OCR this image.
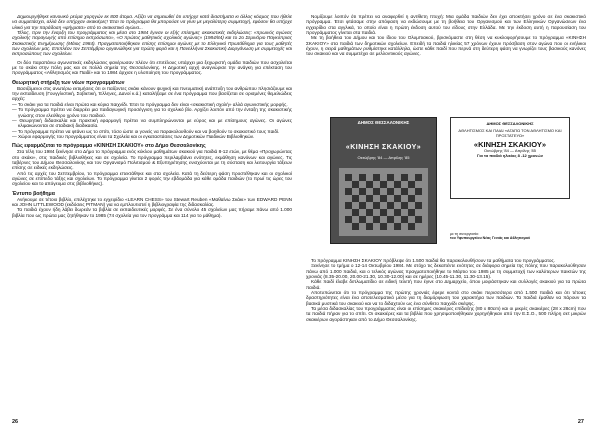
Δημιουργήθηκε κανονικό ρεύμα χορηγών εκ 800 άτομα. Αξίζει να σημειωθεί ότι υπήρχε κατά διαστήματα κι άλλος κόσμος που ήθελε να συμμετάσχει, αλλά δεν υπήρχαν σκακιέρες! Έτσι το πρόγραμμα θα μπορούσε να γίνει με μεγαλύτερη συμμετοχή, εφόσον θα υπήρχε υλικό για την παράδοση «ψήγματα» από το σκακιστικό αγώνα...

Τέλος, πριν την έναρξη του προγράμματος και μέσα στο 1984 έγιναν οι εξής επίσημες σκακιστικές εκδηλώσεις: «πρωινός αγώνας σχολικής παραγωγής από επίσημο εκπρόσωπο», «Ο πρώτος μαθητικός σχολικός αγώνας» (1984/84) και το 2ο Σεμινάριο Παγκύπριας Σκακιστικής Ενημέρωσης (Μάιος 1984). Πραγματοποιήθηκαν επίσης επίσημοι αγώνες με το Ελληνικό Πρωτάθλημα για τους μαθητές των σχολείων μας. Επιπλέον τον Σεπτέμβριο οργανώθηκε για πρώτη φορά και η Πανελλήνια Σκακιστική Διοργάνωση με συμμετοχές και εκπροσώπους των σχολείων.

Οι δύο παραπάνω αγωνιστικές εκδηλώσεις φανέρωσαν πλέον ότι επιτέλους υπάρχει μια ξεχωριστή ομάδα παιδιών που ασχολείται με το σκάκι στην πόλη μας και σε πολλά σημεία της Θεσσαλονίκης. Η Δημοτική αρχή αναγνώρισε την ανάγκη για επέκταση του προγράμματος «Αθλητισμός και Παιδί» και το 1984 άρχισε η υλοποίηση του προγράμματος.

Θεωρητική στήριξη των νέων προγραμμάτων

Βασιζόμενοι στις ανωτέρω εκτιμήσεις ότι οι παίζοντες σκάκι κάνουν ψυχική και πνευματική ανάπτυξη του ανθρώπου πλησιάζουμε και την εκπαίδευση (Γουγγλιστική, Σοβιετική, Έλληνες, Δανοί κ.ά.) καταλήξαμε σε ένα πρόγραμμα που βασίζεται σε ορισμένες θεμελιώδεις αρχές:

— Το σκάκι για τα παιδιά είναι πρώτα και κύρια παιχνίδι. Έτσι το πρόγραμμα δεν είναι «σκακιστική σχολή» αλλά αγωνιστικής μορφής.
— Το πρόγραμμα πρέπει να διαρρέει μια παιδαγωγική προσέγγιση για το σχολικό βίο. Αρχίζει λοιπόν από την ένταξη της σκακιστικής γνώσης στον ελεύθερο χρόνο του παιδιού.
— Θεωρητική διδασκαλία και πρακτική εφαρμογή πρέπει να συμπληρώνονται με εύρος και με επίσημους αγώνες. Οι αγώνες κλιμακώνονται σε σταδιακή διαδικασία.
— Το πρόγραμμα πρέπει να φτάνει ως το σπίτι, τόσο ώστε οι γονείς να παρακολουθούν και να βοηθούν το σκακιστικό τους παιδί.
— Χώροι εφαρμογής του προγράμματος είναι τα Σχολεία και οι εγκαταστάσεις των Δημοτικών Παιδικών Βιβλιοθηκών.

Πώς εφαρμόζεται το πρόγραμμα «ΚΙΝΗΣΗ ΣΚΑΚΙΟΥ» στο Δήμο Θεσσαλονίκης

Στα τέλη του 1984 ξεκίνησε στο Δήμο το πρόγραμμα ενός κύκλου μαθημάτων σκακιού για παιδιά 8-12 ετών, με θέμα «Προχωρώντας στο σκάκι», στις παιδικές βιβλιοθήκες και σε σχολεία. Το πρόγραμμα περιλαμβάνει ενότητες, εκμάθηση κανόνων και αγώνες. Τις ταβέρνες του Δήμου Θεσσαλονίκης και τον Οργανισμό Πολιτισμού & Εξυπηρέτησης ενισχύονται με τη σύσταση και λειτουργία τάξεων επίσης σε ειδικές εκδηλώσεις.

Από τις αρχές του Σεπτεμβρίου, το πρόγραμμα επεκτάθηκε και στα σχολεία. Κατά τη δεύτερη φάση προστέθηκαν και οι σχολικοί αγώνες σε επίπεδο τάξης και σχολείων. Το πρόγραμμα γίνεται 2 φορές την εβδομάδα για κάθε ομάδα παιδιών (το πρωί τις ώρες του σχολείου και το απόγευμα στις βιβλιοθήκες).

Έντυπο βοήθημα

Ανήκουμε σε τέτοιο βιβλίο, επιλέχτηκε το εγχειρίδιο «LEARN CHESS» του Stewart Reuben «Μαθαίνω Σκάκι» των EDWARD PENN και JOHN LITTLEWOOD (εκδόσεις PITMAN) για να εμπλουτιστεί η βιβλιογραφία της διδασκαλίας.

Τα παιδιά έχουν ήδη λάβει δωρεάν τα βιβλία σε εκπαιδευτικές μορφές. Σε ένα σύνολο 45 σχολείων μας πήραμε πάνω από 1.000 βιβλία που ως πρώτα μας ζητήθηκαν το 1985 (74 σχολεία για τον προγράμμα και 114 για το μάθημα).

26

Νομίζουμε λοιπόν ότι πρέπει να αναφερθεί η αντίθετη πτυχή: Μια ομάδα παιδιών δεν έχει αποκτήσει χρόνο σε ένα σκακιστικό πρόγραμμα. Έτσι φτάσαμε στην απόφαση να εκδώσουμε με τη βοήθεια του Οργανισμού και των Ελληνικών Οργανώσεων ένα εγχειρίδιο στα αγγλικά, το οποίο είναι η πρώτη έκδοση αυτού του είδους στην Ελλάδα. Με την έκδοση αυτή η παρουσίαση του προγράμματος γίνεται στα παιδιά.

Με τη βοήθεια του Δήμου και του ίδιου του Ολυμπιακού, βρισκόμαστε στη θέση να κυκλοφορήσουμε το πρόγραμμα «ΚΙΝΗΣΗ ΣΚΑΚΙΟΥ» στα παιδιά των δημοτικών σχολείων. Επειδή τα παιδιά ηλικίας 57 χρόνων έχουν πρόσβαση στον αγώνα που οι ενήλικοι έχουν, η σειρά μαθημάτων ρυθμίστηκε κατάλληλα, ώστε κάθε παιδί που περνά στη δεύτερη φάση να γνωρίζει τους βασικούς κανόνες του σκακιού και να συμμετέχει σε μελλοντικούς αγώνες.

ΔΗΜΟΣ ΘΕΣΣΑΛΟΝΙΚΗΣ
«ΚΙΝΗΣΗ ΣΚΑΚΙΟΥ»
Οκτώβρης '84 — Απρίλης '85
ΔΗΜΟΣ ΘΕΣΣΑΛΟΝΙΚΗΣ
ΑΘΛΗΤΙΣΜΟΣ ΚΑΙ ΠΑΙΔΙ «ΑΓΑΠΩ ΤΟΝ ΑΘΛΗΤΙΣΜΟ ΚΑΙ ΠΡΟΣΤΑΤΕΥΩ»
«ΚΙΝΗΣΗ ΣΚΑΚΙΟΥ»
Οκτώβρης '84 — Απρίλης '85
Για τα παιδιά ηλικίας 8 -12 χρονών
με τη συνεργασία:
του Υφυπουργείου Νέας Γενιάς και Αθλητισμού

Το πρόγραμμα ΚΙΝΗΣΗ ΣΚΑΚΙΟΥ πρόβλεψε ότι 1.500 παιδιά θα παρακολουθήσουν τα μαθήματα του προγράμματος.

Ξεκίνησε το τμήμα ο 12-14 Οκτωβρίου 1984. Με στόχο τις δεκαπέντε ενότητες σε διάφορα σημεία της πόλης που παρακολούθησαν πάνω από 1.000 παιδιά, και ο τελικός αγώνας πραγματοποιήθηκε το Μάρτιο του 1985 με τη συμμετοχή των καλύτερων παικτών της χρονιάς (8.35-20.00, 20.00-21.30, 10.30-12.00) και σε ημέρες (10.45-11.30, 11.30-13.15).

Κάθε παιδί έλαβε διπλωματίδιο σε ειδική τελετή που έγινε στο Δημαρχείο, όπου μοιράστηκαν και συλλογές σκακιού για τα πρώτα παιδιά.

Αποτυπώνεται ότι το πρόγραμμα της πρώτης χρονιάς έφερε κοντά στο σκάκι περισσότερα από 1.500 παιδιά και ότι τέτοιες δραστηριότητες είναι ένα αποτελεσματικό μέσο για τη διαμόρφωση του χαρακτήρα των παιδιών. Τα παιδιά έμαθαν να πάρουν τα βασικά μυστικά του σκακιού και να το διδαχτούν ως ένα σύνθετο παιχνίδι σκέψης.

Τα μέσα διδασκαλίας του προγράμματος είναι οι επίσημες σκακιέρες επίδειξης (80 x 80cm) και οι μικρές σκακιέρες (28 x 28cm) που τα παιδιά πήραν για το σπίτι. Οι σκακιέρες και τα βιβλία που χρησιμοποιήθηκαν χορηγήθηκαν από την Ε.Σ.Ο., 500 πλήρη σετ μικρών σκακιέρων αγοράστηκαν από το Δήμο Θεσσαλονίκης.

27
